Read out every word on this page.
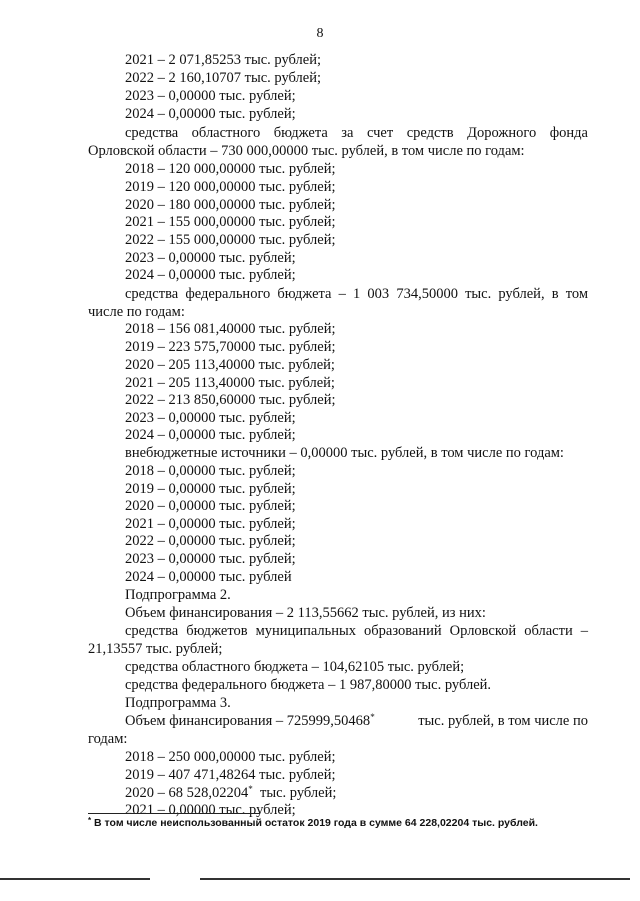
8
2021 – 2 071,85253 тыс. рублей;
2022 – 2 160,10707 тыс. рублей;
2023 – 0,00000 тыс. рублей;
2024 – 0,00000 тыс. рублей;
средства областного бюджета за счет средств Дорожного фонда
Орловской области – 730 000,00000 тыс. рублей, в том числе по годам:
2018 – 120 000,00000 тыс. рублей;
2019 – 120 000,00000 тыс. рублей;
2020 – 180 000,00000 тыс. рублей;
2021 – 155 000,00000 тыс. рублей;
2022 – 155 000,00000 тыс. рублей;
2023 – 0,00000 тыс. рублей;
2024 – 0,00000 тыс. рублей;
средства федерального бюджета – 1 003 734,50000 тыс. рублей, в том
числе по годам:
2018 – 156 081,40000 тыс. рублей;
2019 – 223 575,70000 тыс. рублей;
2020 – 205 113,40000 тыс. рублей;
2021 – 205 113,40000 тыс. рублей;
2022 – 213 850,60000 тыс. рублей;
2023 – 0,00000 тыс. рублей;
2024 – 0,00000 тыс. рублей;
внебюджетные источники – 0,00000 тыс. рублей, в том числе по годам:
2018 – 0,00000 тыс. рублей;
2019 – 0,00000 тыс. рублей;
2020 – 0,00000 тыс. рублей;
2021 – 0,00000 тыс. рублей;
2022 – 0,00000 тыс. рублей;
2023 – 0,00000 тыс. рублей;
2024 – 0,00000 тыс. рублей
Подпрограмма 2.
Объем финансирования – 2 113,55662 тыс. рублей, из них:
средства бюджетов муниципальных образований Орловской области –
21,13557 тыс. рублей;
средства областного бюджета – 104,62105 тыс. рублей;
средства федерального бюджета – 1 987,80000 тыс. рублей.
Подпрограмма 3.
Объем финансирования – 725999,50468*	тыс. рублей, в том числе по
годам:
2018 – 250 000,00000 тыс. рублей;
2019 – 407 471,48264 тыс. рублей;
2020 – 68 528,02204* тыс. рублей;
2021 – 0,00000 тыс. рублей;
* В том числе неиспользованный остаток 2019 года в сумме 64 228,02204 тыс. рублей.
